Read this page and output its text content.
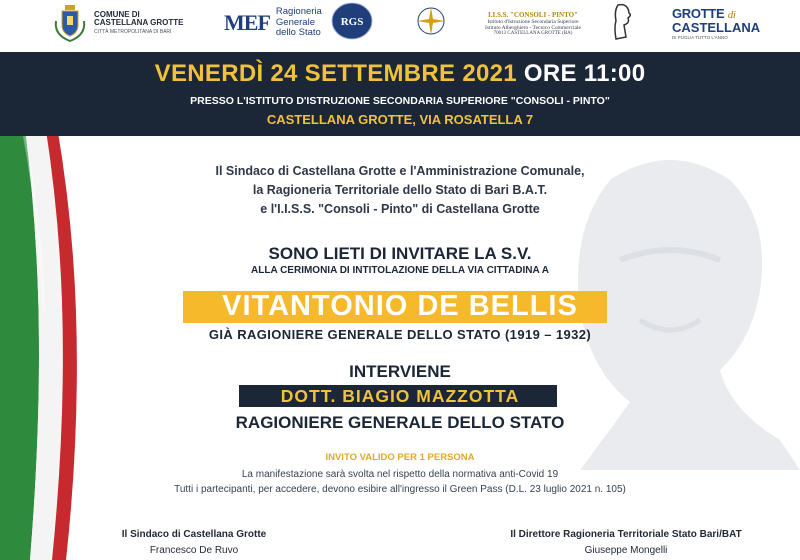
COMUNE DI
CASTELLANA GROTTE
CITTÀ METROPOLITANA DI BARI	MEF Ragioneria
Generale
dello Stato
RGS
I.I.S.S. "CONSOLI - PINTO"
Istituto d'Istruzione Secondaria Superiore
Istituto Alberghiero - Tecnico Commerciale
70013 CASTELLANA GROTTE (BA)
GROTTE di
CASTELLANA
DI PUGLIA TUTTO L'ANNO
VENERDÌ 24 SETTEMBRE 2021 ORE 11:00
PRESSO L'ISTITUTO D'ISTRUZIONE SECONDARIA SUPERIORE "CONSOLI - PINTO"
CASTELLANA GROTTE, VIA ROSATELLA 7
Il Sindaco di Castellana Grotte e l'Amministrazione Comunale,
la Ragioneria Territoriale dello Stato di Bari B.A.T.
e l'I.I.S.S. "Consoli - Pinto" di Castellana Grotte
SONO LIETI DI INVITARE LA S.V.
ALLA CERIMONIA DI INTITOLAZIONE DELLA VIA CITTADINA A
VITANTONIO DE BELLIS
GIÀ RAGIONIERE GENERALE DELLO STATO (1919 – 1932)
INTERVIENE
DOTT. BIAGIO MAZZOTTA
RAGIONIERE GENERALE DELLO STATO
INVITO VALIDO PER 1 PERSONA
La manifestazione sarà svolta nel rispetto della normativa anti-Covid 19
Tutti i partecipanti, per accedere, devono esibire all'ingresso il Green Pass (D.L. 23 luglio 2021 n. 105)
Il Sindaco di Castellana Grotte
Francesco De Ruvo
Il Direttore Ragioneria Territoriale Stato Bari/BAT
Giuseppe Mongelli
